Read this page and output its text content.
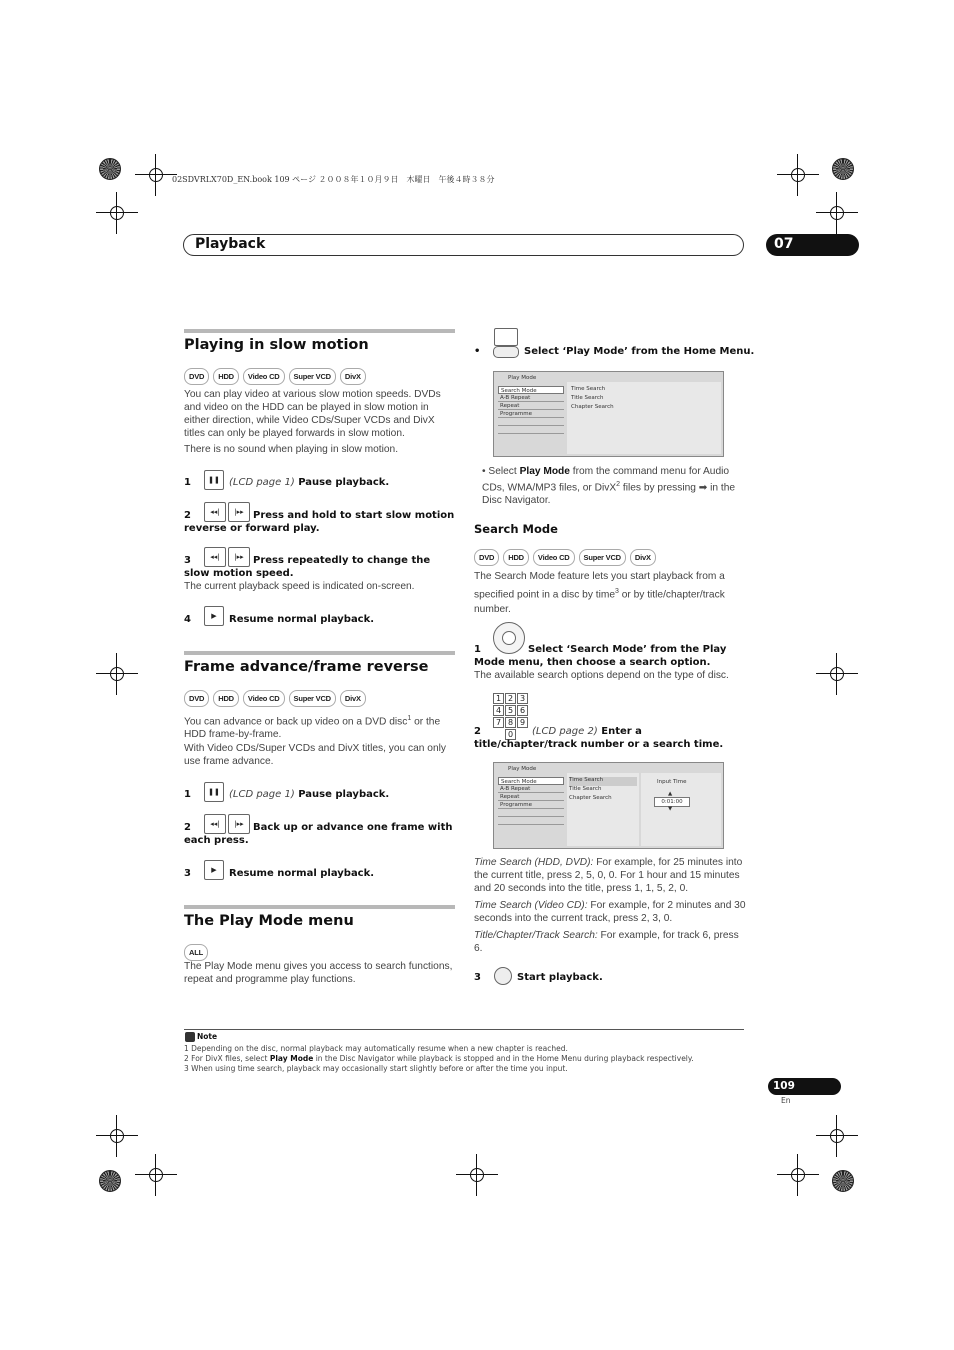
02SDVRLX70D_EN.book 109 ページ ２００８年１０月９日　木曜日　午後４時３８分
Playback	07
Playing in slow motion
DVD HDD Video CD Super VCD DivX
You can play video at various slow motion speeds. DVDs and video on the HDD can be played in slow motion in either direction, while Video CDs/Super VCDs and DivX titles can only be played forwards in slow motion.
There is no sound when playing in slow motion.
1	❚❚ (LCD page 1) Pause playback.
2	◂◂|	|▸▸ Press and hold to start slow motion reverse or forward play.
3	◂◂|	|▸▸ Press repeatedly to change the slow motion speed.
The current playback speed is indicated on-screen.
4	▶	Resume normal playback.
Frame advance/frame reverse
DVD HDD Video CD Super VCD DivX
You can advance or back up video on a DVD disc$^1$ or the HDD frame-by-frame.
With Video CDs/Super VCDs and DivX titles, you can only use frame advance.
1	❚❚ (LCD page 1) Pause playback.
2	◂◂|	|▸▸ Back up or advance one frame with each press.
3	▶	Resume normal playback.
The Play Mode menu
ALL
The Play Mode menu gives you access to search functions, repeat and programme play functions.
•	Select ‘Play Mode’ from the Home Menu.
Play Mode
Search Mode
A-B Repeat
Repeat
Programme
Time Search
Title Search
Chapter Search
• Select Play Mode from the command menu for Audio CDs, WMA/MP3 files, or DivX$^2$ files by pressing ➡ in the Disc Navigator.
Search Mode
DVD HDD Video CD Super VCD DivX
The Search Mode feature lets you start playback from a specified point in a disc by time$^3$ or by title/chapter/track number.
1	Select ‘Search Mode’ from the Play Mode menu, then choose a search option.
The available search options depend on the type of disc.
1 2 3
4 5 6
7 8 9
0
2	(LCD page 2) Enter a title/chapter/track number or a search time.
Play Mode
Search Mode
A-B Repeat
Repeat
Programme
Time Search
Title Search
Chapter Search
Input Time
▲
0:01:00
▼
Time Search (HDD, DVD): For example, for 25 minutes into the current title, press 2, 5, 0, 0. For 1 hour and 15 minutes and 20 seconds into the title, press 1, 1, 5, 2, 0.
Time Search (Video CD): For example, for 2 minutes and 30 seconds into the current track, press 2, 3, 0.
Title/Chapter/Track Search: For example, for track 6, press 6.
3	Start playback.
Note
1 Depending on the disc, normal playback may automatically resume when a new chapter is reached.
2 For DivX files, select Play Mode in the Disc Navigator while playback is stopped and in the Home Menu during playback respectively.
3 When using time search, playback may occasionally start slightly before or after the time you input.
109
En
